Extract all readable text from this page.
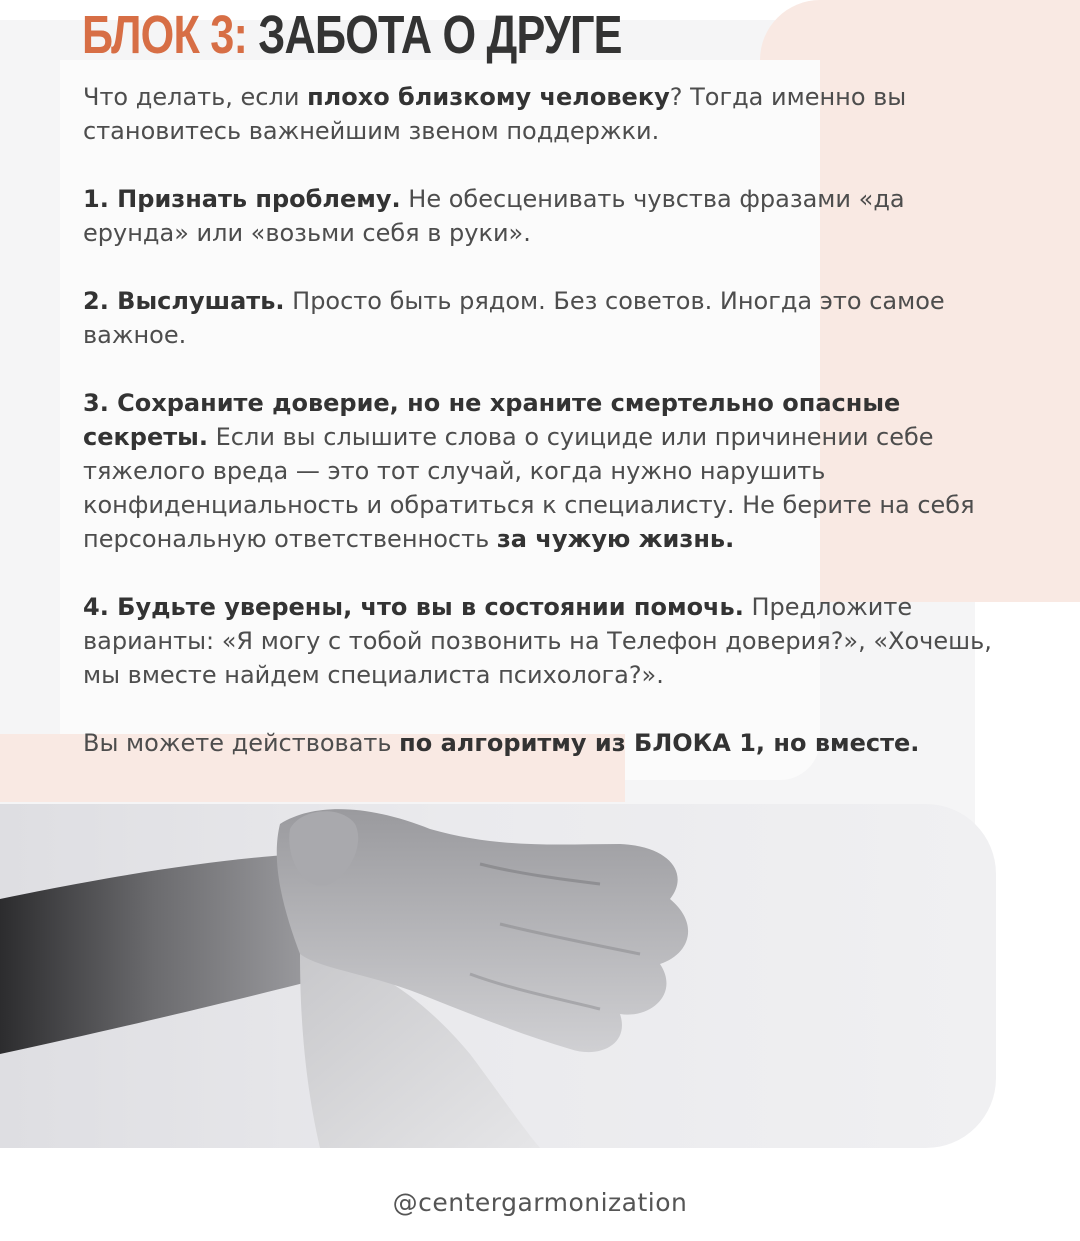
БЛОК 3: ЗАБОТА О ДРУГЕ

Что делать, если плохо близкому человеку? Тогда именно вы становитесь важнейшим звеном поддержки.

1. Признать проблему. Не обесценивать чувства фразами «да ерунда» или «возьми себя в руки».

2. Выслушать. Просто быть рядом. Без советов. Иногда это самое важное.

3. Сохраните доверие, но не храните смертельно опасные секреты. Если вы слышите слова о суициде или причинении себе тяжелого вреда — это тот случай, когда нужно нарушить конфиденциальность и обратиться к специалисту. Не берите на себя персональную ответственность за чужую жизнь.

4. Будьте уверены, что вы в состоянии помочь. Предложите варианты: «Я могу с тобой позвонить на Телефон доверия?», «Хочешь, мы вместе найдем специалиста психолога?».

Вы можете действовать по алгоритму из БЛОКА 1, но вместе.

@centergarmonization
